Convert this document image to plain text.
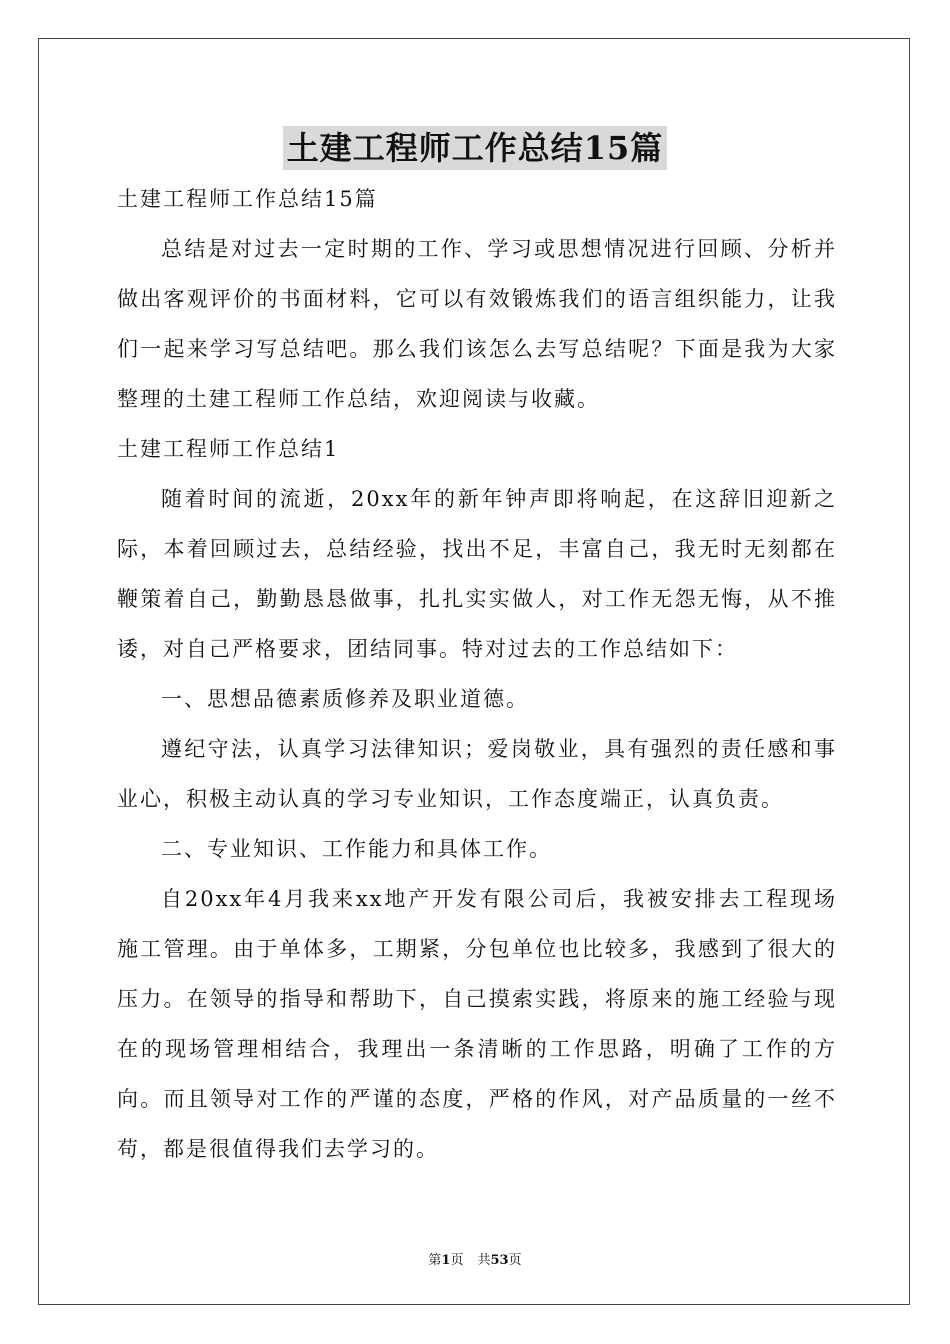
土建工程师工作总结15篇

土建工程师工作总结15篇

总结是对过去一定时期的工作、学习或思想情况进行回顾、分析并做出客观评价的书面材料，它可以有效锻炼我们的语言组织能力，让我们一起来学习写总结吧。那么我们该怎么去写总结呢？下面是我为大家整理的土建工程师工作总结，欢迎阅读与收藏。

土建工程师工作总结1

随着时间的流逝，20xx年的新年钟声即将响起，在这辞旧迎新之际，本着回顾过去，总结经验，找出不足，丰富自己，我无时无刻都在鞭策着自己，勤勤恳恳做事，扎扎实实做人，对工作无怨无悔，从不推诿，对自己严格要求，团结同事。特对过去的工作总结如下：

一、思想品德素质修养及职业道德。

遵纪守法，认真学习法律知识；爱岗敬业，具有强烈的责任感和事业心，积极主动认真的学习专业知识，工作态度端正，认真负责。

二、专业知识、工作能力和具体工作。

自20xx年4月我来xx地产开发有限公司后，我被安排去工程现场施工管理。由于单体多，工期紧，分包单位也比较多，我感到了很大的压力。在领导的指导和帮助下，自己摸索实践，将原来的施工经验与现在的现场管理相结合，我理出一条清晰的工作思路，明确了工作的方向。而且领导对工作的严谨的态度，严格的作风，对产品质量的一丝不苟，都是很值得我们去学习的。

第1页 共53页
